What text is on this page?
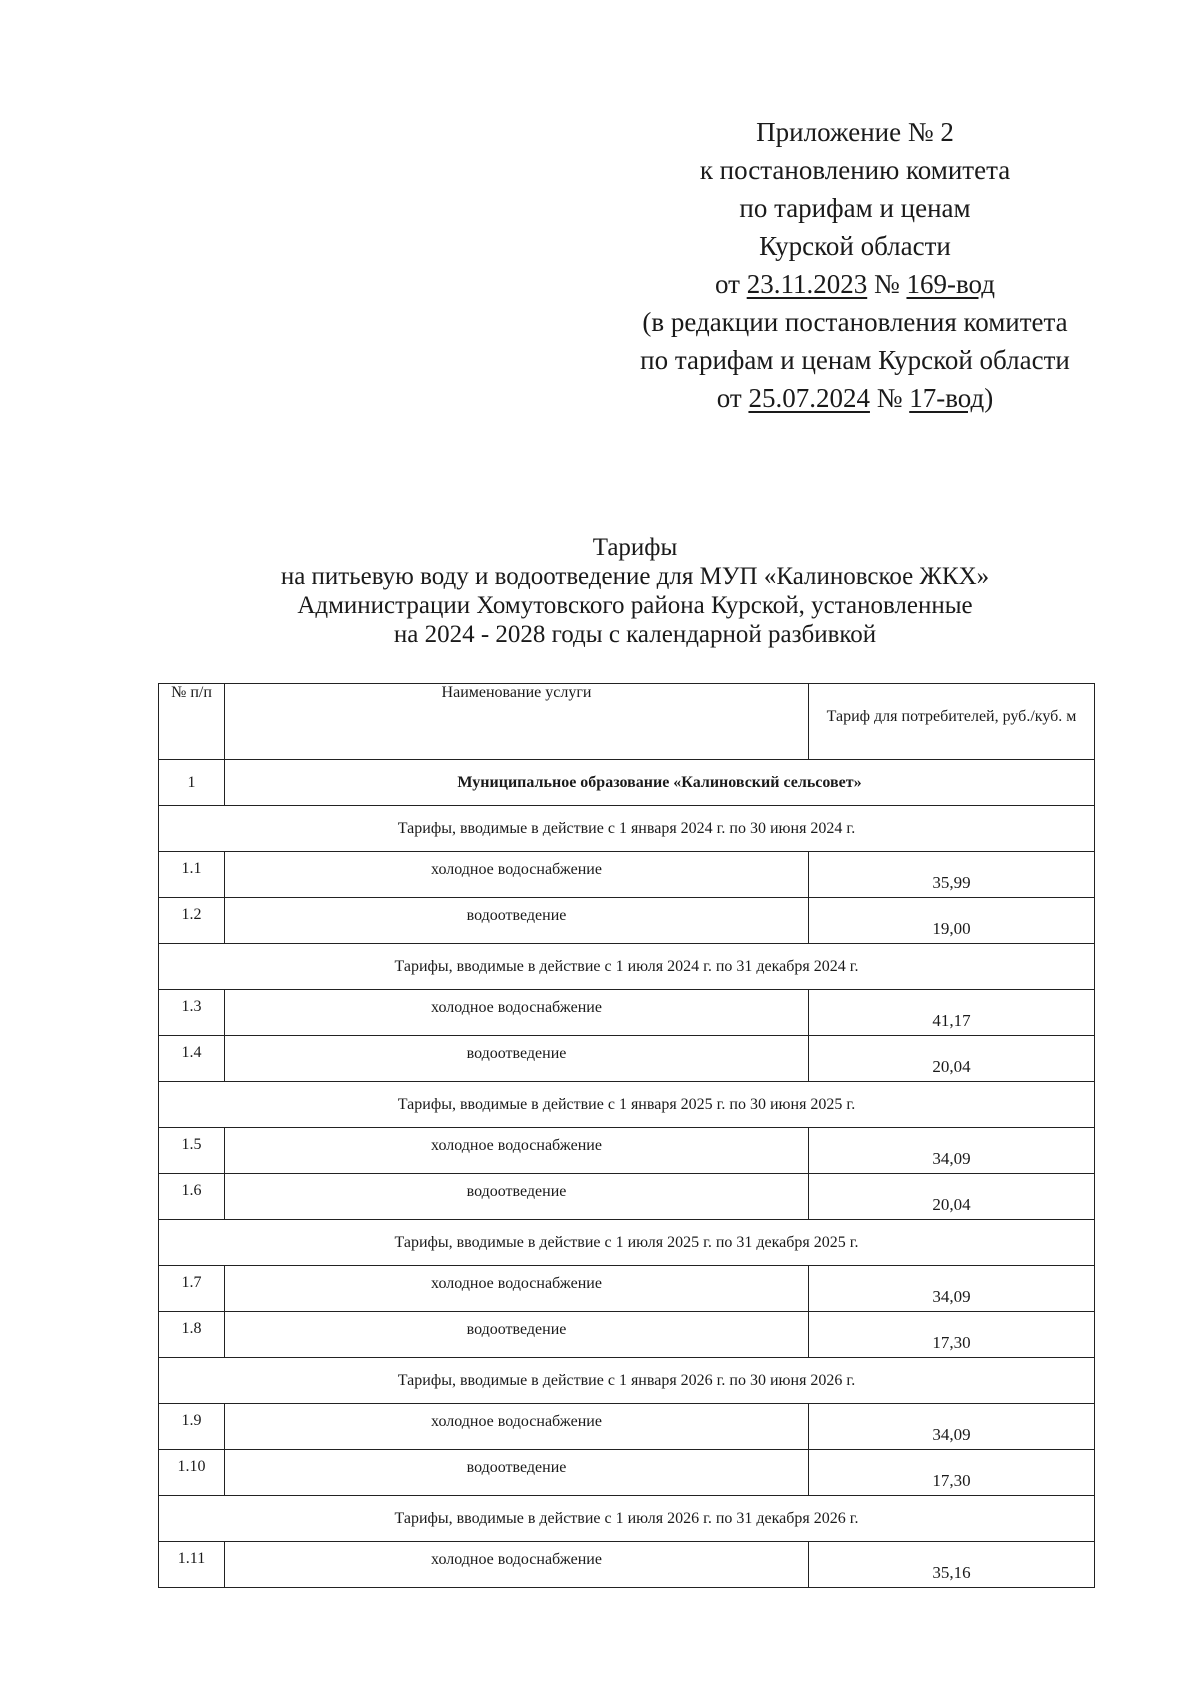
Приложение № 2
к постановлению комитета
по тарифам и ценам
Курской области
от 23.11.2023 № 169-вод
(в редакции постановления комитета
по тарифам и ценам Курской области
от 25.07.2024 № 17-вод)
Тарифы
на питьевую воду и водоотведение для МУП «Калиновское ЖКХ»
Администрации Хомутовского района Курской, установленные
на 2024 - 2028 годы с календарной разбивкой
№ п/п	Наименование услуги	Тариф для потребителей, руб./куб. м
1	Муниципальное образование «Калиновский сельсовет»	
Тарифы, вводимые в действие с 1 января 2024 г. по 30 июня 2024 г.		
1.1	холодное водоснабжение	35,99
1.2	водоотведение	19,00
Тарифы, вводимые в действие с 1 июля 2024 г. по 31 декабря 2024 г.		
1.3	холодное водоснабжение	41,17
1.4	водоотведение	20,04
Тарифы, вводимые в действие с 1 января 2025 г. по 30 июня 2025 г.		
1.5	холодное водоснабжение	34,09
1.6	водоотведение	20,04
Тарифы, вводимые в действие с 1 июля 2025 г. по 31 декабря 2025 г.		
1.7	холодное водоснабжение	34,09
1.8	водоотведение	17,30
Тарифы, вводимые в действие с 1 января 2026 г. по 30 июня 2026 г.		
1.9	холодное водоснабжение	34,09
1.10	водоотведение	17,30
Тарифы, вводимые в действие с 1 июля 2026 г. по 31 декабря 2026 г.		
1.11	холодное водоснабжение	35,16
